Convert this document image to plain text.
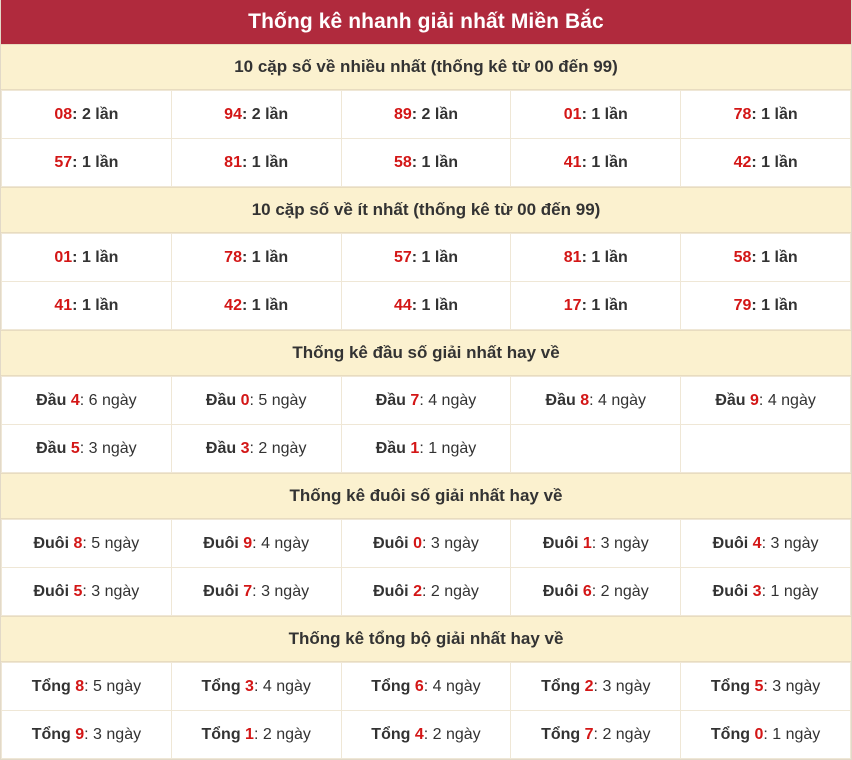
Thống kê nhanh giải nhất Miền Bắc
10 cặp số về nhiều nhất (thống kê từ 00 đến 99)
08: 2 lần	94: 2 lần	89: 2 lần	01: 1 lần	78: 1 lần
57: 1 lần	81: 1 lần	58: 1 lần	41: 1 lần	42: 1 lần
10 cặp số về ít nhất (thống kê từ 00 đến 99)
01: 1 lần	78: 1 lần	57: 1 lần	81: 1 lần	58: 1 lần
41: 1 lần	42: 1 lần	44: 1 lần	17: 1 lần	79: 1 lần
Thống kê đầu số giải nhất hay về
Đầu 4: 6 ngày	Đầu 0: 5 ngày	Đầu 7: 4 ngày	Đầu 8: 4 ngày	Đầu 9: 4 ngày
Đầu 5: 3 ngày	Đầu 3: 2 ngày	Đầu 1: 1 ngày		
Thống kê đuôi số giải nhất hay về
Đuôi 8: 5 ngày	Đuôi 9: 4 ngày	Đuôi 0: 3 ngày	Đuôi 1: 3 ngày	Đuôi 4: 3 ngày
Đuôi 5: 3 ngày	Đuôi 7: 3 ngày	Đuôi 2: 2 ngày	Đuôi 6: 2 ngày	Đuôi 3: 1 ngày
Thống kê tổng bộ giải nhất hay về
Tổng 8: 5 ngày	Tổng 3: 4 ngày	Tổng 6: 4 ngày	Tổng 2: 3 ngày	Tổng 5: 3 ngày
Tổng 9: 3 ngày	Tổng 1: 2 ngày	Tổng 4: 2 ngày	Tổng 7: 2 ngày	Tổng 0: 1 ngày
